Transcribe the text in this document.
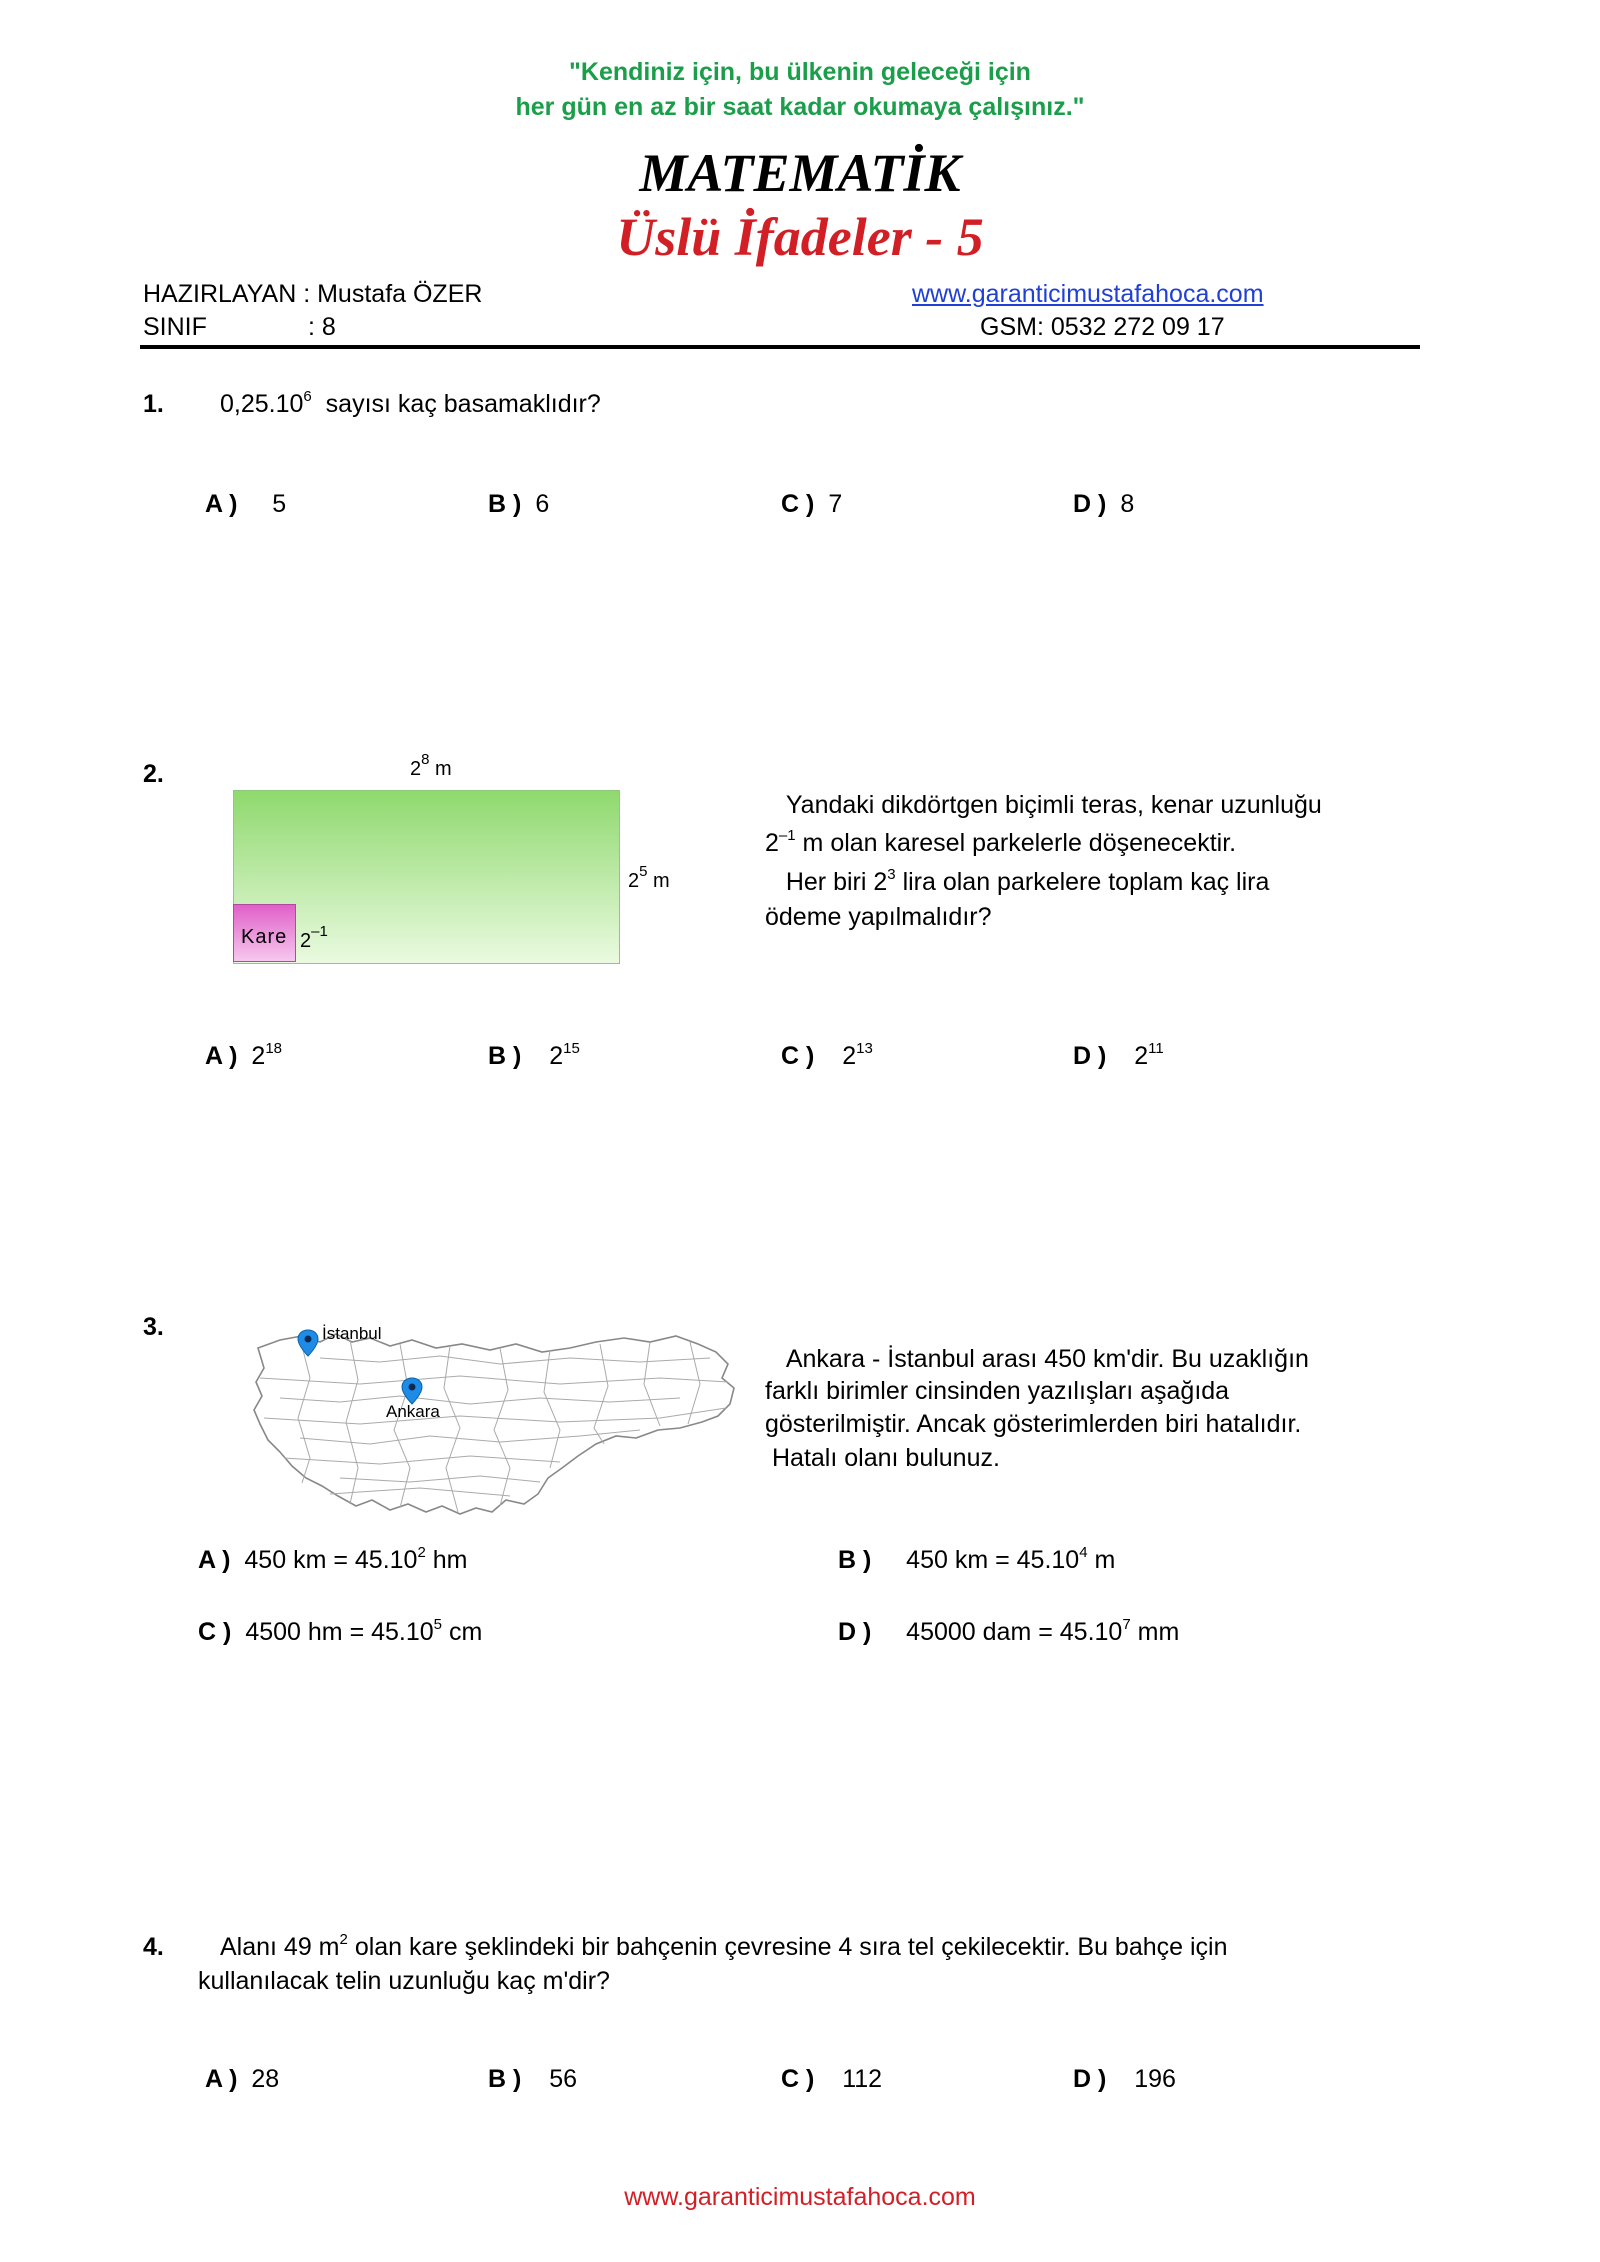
"Kendiniz için, bu ülkenin geleceği için
her gün en az bir saat kadar okumaya çalışınız."
MATEMATİK
Üslü İfadeler - 5
HAZIRLAYAN : Mustafa ÖZER
SINIF	: 8
www.garanticimustafahoca.com
GSM: 0532 272 09 17
1. 0,25.10$^6$ sayısı kaç basamaklıdır?
A ) 5	B ) 6	C ) 7	D ) 8
2.	$2^8$ m
Kare $2^{-1}$
$2^5$ m
Yandaki dikdörtgen biçimli teras, kenar uzunluğu
$2^{-1}$ m olan karesel parkelerle döşenecektir.
Her biri $2^3$ lira olan parkelere toplam kaç lira
ödeme yapılmalıdır?
A ) $2^{18}$	B ) $2^{15}$	C ) $2^{13}$	D ) $2^{11}$
3.	İstanbul
Ankara
Ankara - İstanbul arası 450 km'dir. Bu uzaklığın
farklı birimler cinsinden yazılışları aşağıda
gösterilmiştir. Ancak gösterimlerden biri hatalıdır.
Hatalı olanı bulunuz.
A ) 450 km = $45.10^2$ hm	B ) 450 km = $45.10^4$ m
C ) 4500 hm = $45.10^5$ cm	D ) 45000 dam = $45.10^7$ mm
4. Alanı 49 $m^2$ olan kare şeklindeki bir bahçenin çevresine 4 sıra tel çekilecektir. Bu bahçe için
kullanılacak telin uzunluğu kaç m'dir?
A ) 28	B ) 56	C ) 112	D ) 196
www.garanticimustafahoca.com
